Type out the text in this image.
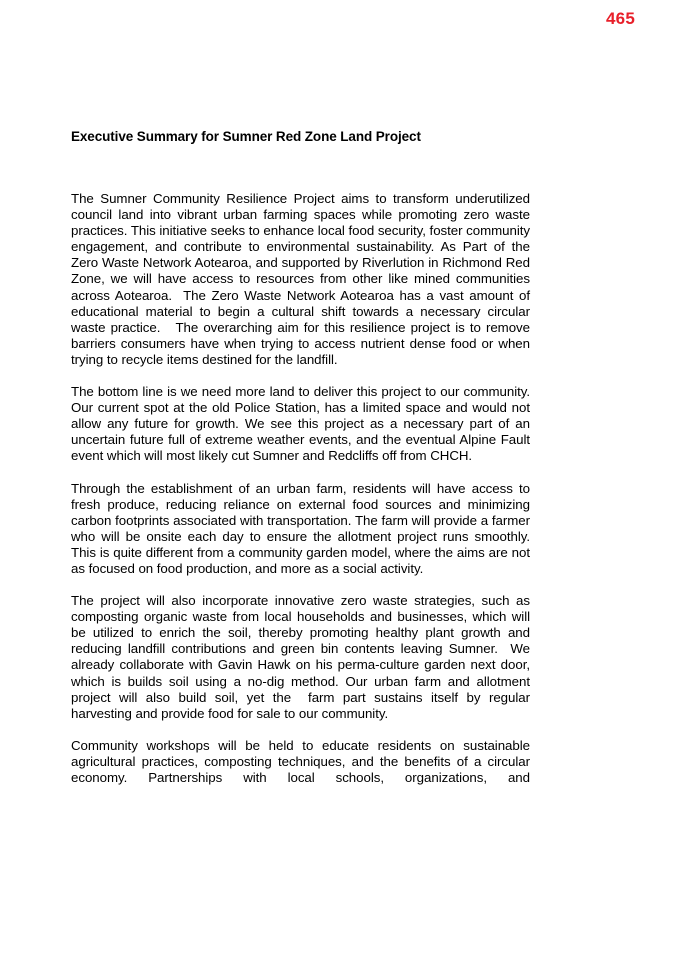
465
Executive Summary for Sumner Red Zone Land Project

The Sumner Community Resilience Project aims to transform underutilized council land into vibrant urban farming spaces while promoting zero waste practices. This initiative seeks to enhance local food security, foster community engagement, and contribute to environmental sustainability. As Part of the Zero Waste Network Aotearoa, and supported by Riverlution in Richmond Red Zone, we will have access to resources from other like mined communities across Aotearoa.  The Zero Waste Network Aotearoa has a vast amount of educational material to begin a cultural shift towards a necessary circular waste practice.   The overarching aim for this resilience project is to remove barriers consumers have when trying to access nutrient dense food or when trying to recycle items destined for the landfill.

The bottom line is we need more land to deliver this project to our community. Our current spot at the old Police Station, has a limited space and would not allow any future for growth. We see this project as a necessary part of an uncertain future full of extreme weather events, and the eventual Alpine Fault event which will most likely cut Sumner and Redcliffs off from CHCH.

Through the establishment of an urban farm, residents will have access to fresh produce, reducing reliance on external food sources and minimizing carbon footprints associated with transportation. The farm will provide a farmer who will be onsite each day to ensure the allotment project runs smoothly.  This is quite different from a community garden model, where the aims are not as focused on food production, and more as a social activity.

The project will also incorporate innovative zero waste strategies, such as composting organic waste from local households and businesses, which will be utilized to enrich the soil, thereby promoting healthy plant growth and reducing landfill contributions and green bin contents leaving Sumner.  We already collaborate with Gavin Hawk on his perma-culture garden next door, which is builds soil using a no-dig method. Our urban farm and allotment project will also build soil, yet the  farm part sustains itself by regular harvesting and provide food for sale to our community.

Community workshops will be held to educate residents on sustainable agricultural practices, composting techniques, and the benefits of a circular economy. Partnerships with local schools, organizations, and
